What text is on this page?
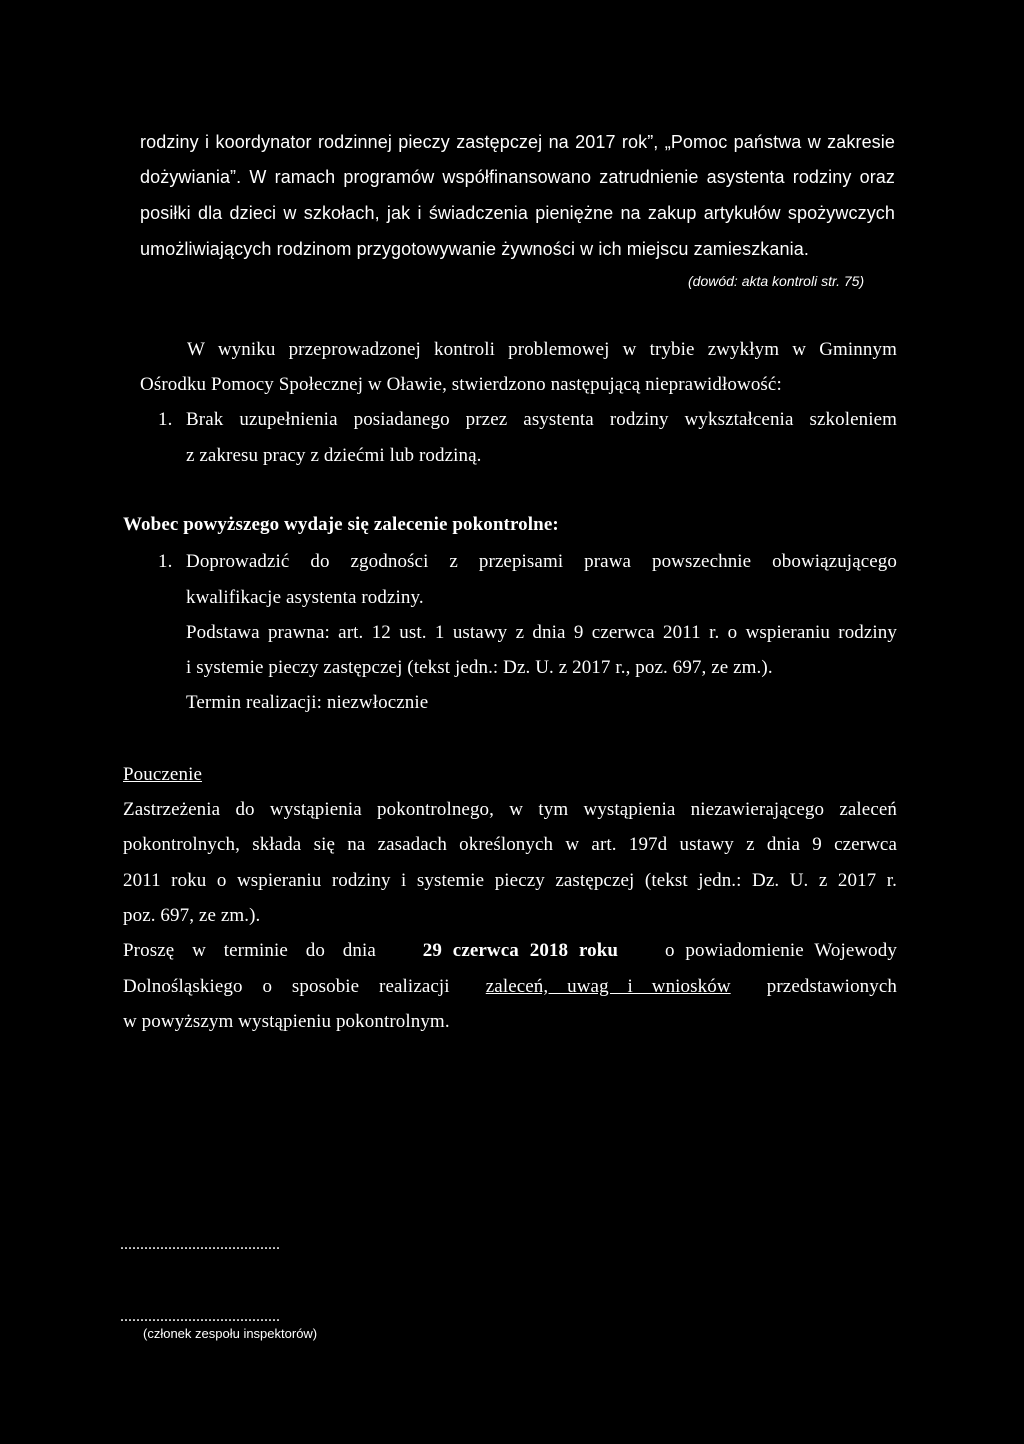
rodziny i koordynator rodzinnej pieczy zastępczej na 2017 rok”, „Pomoc państwa w zakresie
dożywiania”. W ramach programów współfinansowano zatrudnienie asystenta rodziny oraz
posiłki dla dzieci w szkołach, jak i świadczenia pieniężne na zakup artykułów spożywczych
umożliwiających rodzinom przygotowywanie żywności w ich miejscu zamieszkania.
(dowód: akta kontroli str. 75)
W wyniku przeprowadzonej kontroli problemowej w trybie zwykłym w Gminnym
Ośrodku Pomocy Społecznej w Oławie, stwierdzono następującą nieprawidłowość:
1. Brak uzupełnienia posiadanego przez asystenta rodziny wykształcenia szkoleniem
z zakresu pracy z dziećmi lub rodziną.
Wobec powyższego wydaje się zalecenie pokontrolne:
1. Doprowadzić do zgodności z przepisami prawa powszechnie obowiązującego
kwalifikacje asystenta rodziny.
Podstawa prawna: art. 12 ust. 1 ustawy z dnia 9 czerwca 2011 r. o wspieraniu rodziny
i systemie pieczy zastępczej (tekst jedn.: Dz. U. z 2017 r., poz. 697, ze zm.).
Termin realizacji: niezwłocznie
Pouczenie
Zastrzeżenia do wystąpienia pokontrolnego, w tym wystąpienia niezawierającego zaleceń
pokontrolnych, składa się na zasadach określonych w art. 197d ustawy z dnia 9 czerwca
2011 roku o wspieraniu rodziny i systemie pieczy zastępczej (tekst jedn.: Dz. U. z 2017 r.
poz. 697, ze zm.).
Proszę w terminie do dnia 29 czerwca 2018 roku o powiadomienie Wojewody
Dolnośląskiego o sposobie realizacji zaleceń, uwag i wniosków przedstawionych
w powyższym wystąpieniu pokontrolnym.
........................................
........................................
(członek zespołu inspektorów)
